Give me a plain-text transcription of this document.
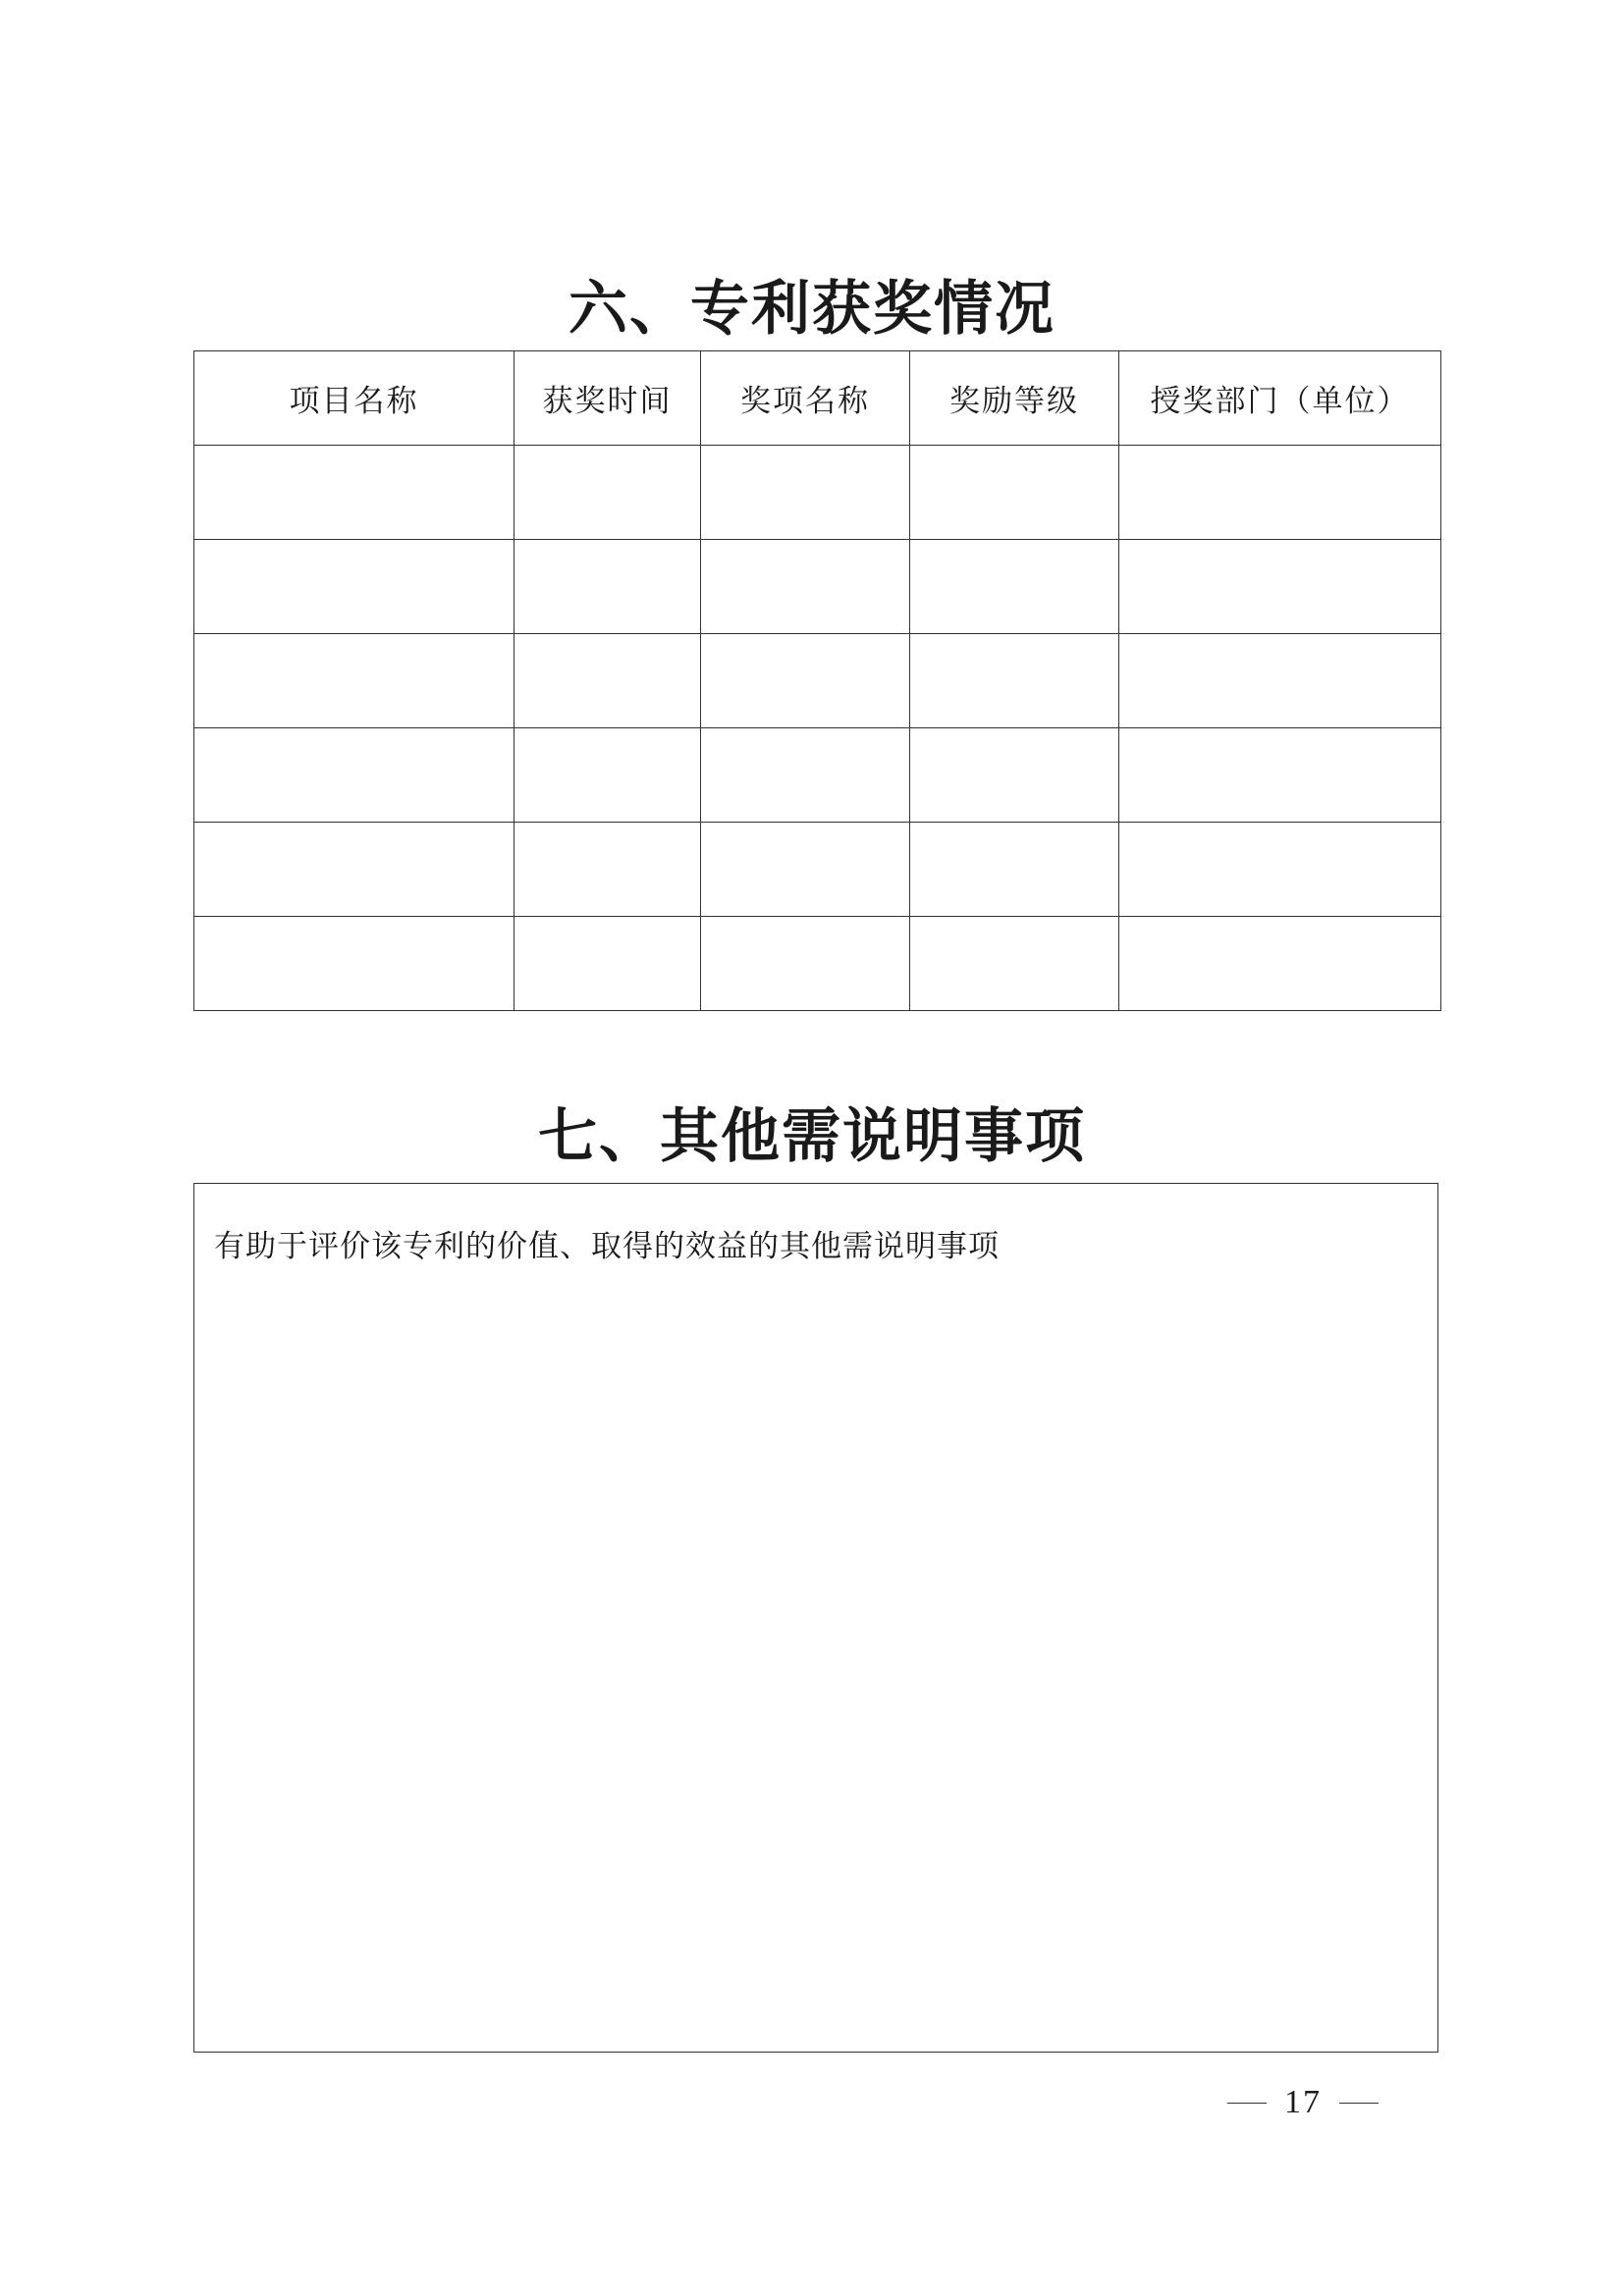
六、专利获奖情况
项目名称	获奖时间	奖项名称	奖励等级	授奖部门（单位）

七、其他需说明事项
有助于评价该专利的价值、取得的效益的其他需说明事项
17
